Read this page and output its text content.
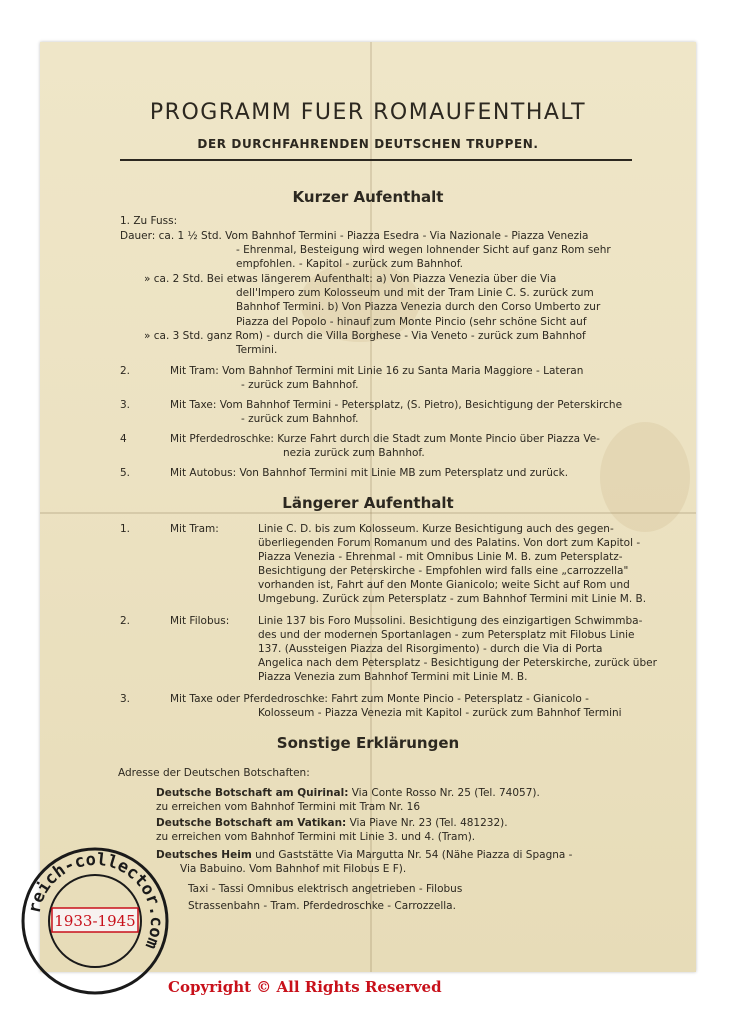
PROGRAMM FUER ROMAUFENTHALT
DER DURCHFAHRENDEN DEUTSCHEN TRUPPEN.
Kurzer Aufenthalt
1. Zu Fuss:
Dauer: ca. 1 ½ Std. Vom Bahnhof Termini - Piazza Esedra - Via Nazionale - Piazza Venezia
- Ehrenmal, Besteigung wird wegen lohnender Sicht auf ganz Rom sehr
empfohlen. - Kapitol - zurück zum Bahnhof.
» ca. 2 Std. Bei etwas längerem Aufenthalt: a) Von Piazza Venezia über die Via
dell'Impero zum Kolosseum und mit der Tram Linie C. S. zurück zum
Bahnhof Termini. b) Von Piazza Venezia durch den Corso Umberto zur
Piazza del Popolo - hinauf zum Monte Pincio (sehr schöne Sicht auf
» ca. 3 Std. ganz Rom) - durch die Villa Borghese - Via Veneto - zurück zum Bahnhof
Termini.
2.	Mit Tram: Vom Bahnhof Termini mit Linie 16 zu Santa Maria Maggiore - Lateran
- zurück zum Bahnhof.
3.	Mit Taxe: Vom Bahnhof Termini - Petersplatz, (S. Pietro), Besichtigung der Peterskirche
- zurück zum Bahnhof.
4	Mit Pferdedroschke: Kurze Fahrt durch die Stadt zum Monte Pincio über Piazza Ve-
nezia zurück zum Bahnhof.
5.	Mit Autobus: Von Bahnhof Termini mit Linie MB zum Petersplatz und zurück.
Längerer Aufenthalt
1.	Mit Tram:	Linie C. D. bis zum Kolosseum. Kurze Besichtigung auch des gegen-
überliegenden Forum Romanum und des Palatins. Von dort zum Kapitol -
Piazza Venezia - Ehrenmal - mit Omnibus Linie M. B. zum Petersplatz-
Besichtigung der Peterskirche - Empfohlen wird falls eine „carrozzella"
vorhanden ist, Fahrt auf den Monte Gianicolo; weite Sicht auf Rom und
Umgebung. Zurück zum Petersplatz - zum Bahnhof Termini mit Linie M. B.
2.	Mit Filobus:	Linie 137 bis Foro Mussolini. Besichtigung des einzigartigen Schwimmba-
des und der modernen Sportanlagen - zum Petersplatz mit Filobus Linie
137. (Aussteigen Piazza del Risorgimento) - durch die Via di Porta
Angelica nach dem Petersplatz - Besichtigung der Peterskirche, zurück über
Piazza Venezia zum Bahnhof Termini mit Linie M. B.
3.	Mit Taxe oder Pferdedroschke: Fahrt zum Monte Pincio - Petersplatz - Gianicolo -
Kolosseum - Piazza Venezia mit Kapitol - zurück zum Bahnhof Termini
Sonstige Erklärungen
Adresse der Deutschen Botschaften:
Deutsche Botschaft am Quirinal: Via Conte Rosso Nr. 25 (Tel. 74057).
zu erreichen vom Bahnhof Termini mit Tram Nr. 16
Deutsche Botschaft am Vatikan: Via Piave Nr. 23 (Tel. 481232).
zu erreichen vom Bahnhof Termini mit Linie 3. und 4. (Tram).
Deutsches Heim und Gaststätte Via Margutta Nr. 54 (Nähe Piazza di Spagna -
Via Babuino. Vom Bahnhof mit Filobus E F).
Taxi - Tassi Omnibus elektrisch angetrieben - Filobus
Strassenbahn - Tram. Pferdedroschke - Carrozzella.
reich-collector.com
1933-1945
Copyright © All Rights Reserved
